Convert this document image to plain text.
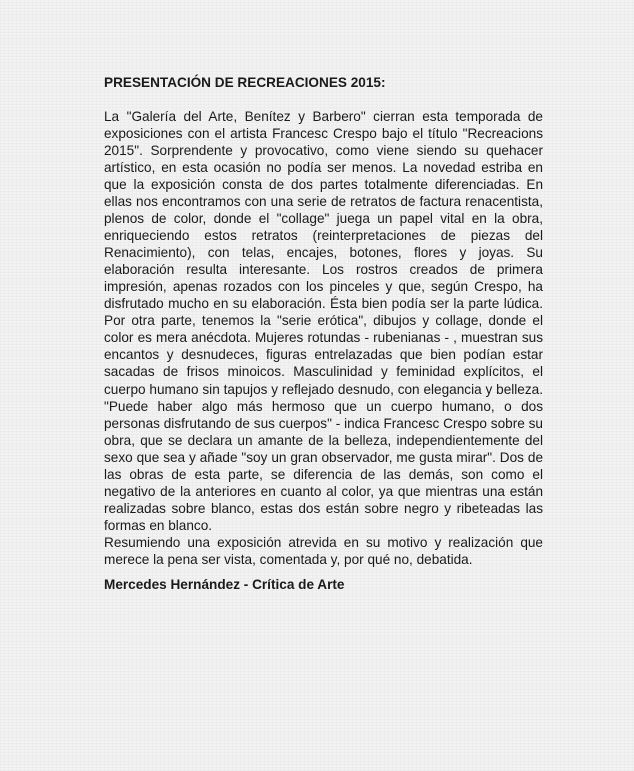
PRESENTACIÓN DE RECREACIONES 2015:

La "Galería del Arte, Benítez y Barbero" cierran esta temporada de exposiciones con el artista Francesc Crespo bajo el título "Recreacions 2015". Sorprendente y provocativo, como viene siendo su quehacer artístico, en esta ocasión no podía ser menos. La novedad estriba en que la exposición consta de dos partes totalmente diferenciadas. En ellas nos encontramos con una serie de retratos de factura renacentista, plenos de color, donde el "collage" juega un papel vital en la obra, enriqueciendo estos retratos (reinterpretaciones de piezas del Renacimiento), con telas, encajes, botones, flores y joyas. Su elaboración resulta interesante. Los rostros creados de primera impresión, apenas rozados con los pinceles y que, según Crespo, ha disfrutado mucho en su elaboración. Ésta bien podía ser la parte lúdica. Por otra parte, tenemos la "serie erótica", dibujos y collage, donde el color es mera anécdota. Mujeres rotundas - rubenianas - , muestran sus encantos y desnudeces, figuras entrelazadas que bien podían estar sacadas de frisos minoicos. Masculinidad y feminidad explícitos, el cuerpo humano sin tapujos y reflejado desnudo, con elegancia y belleza. "Puede haber algo más hermoso que un cuerpo humano, o dos personas disfrutando de sus cuerpos" - indica Francesc Crespo sobre su obra, que se declara un amante de la belleza, independientemente del sexo que sea y añade "soy un gran observador, me gusta mirar". Dos de las obras de esta parte, se diferencia de las demás, son como el negativo de la anteriores en cuanto al color, ya que mientras una están realizadas sobre blanco, estas dos están sobre negro y ribeteadas las formas en blanco.

Resumiendo una exposición atrevida en su motivo y realización que merece la pena ser vista, comentada y, por qué no, debatida.

Mercedes Hernández - Crítica de Arte
